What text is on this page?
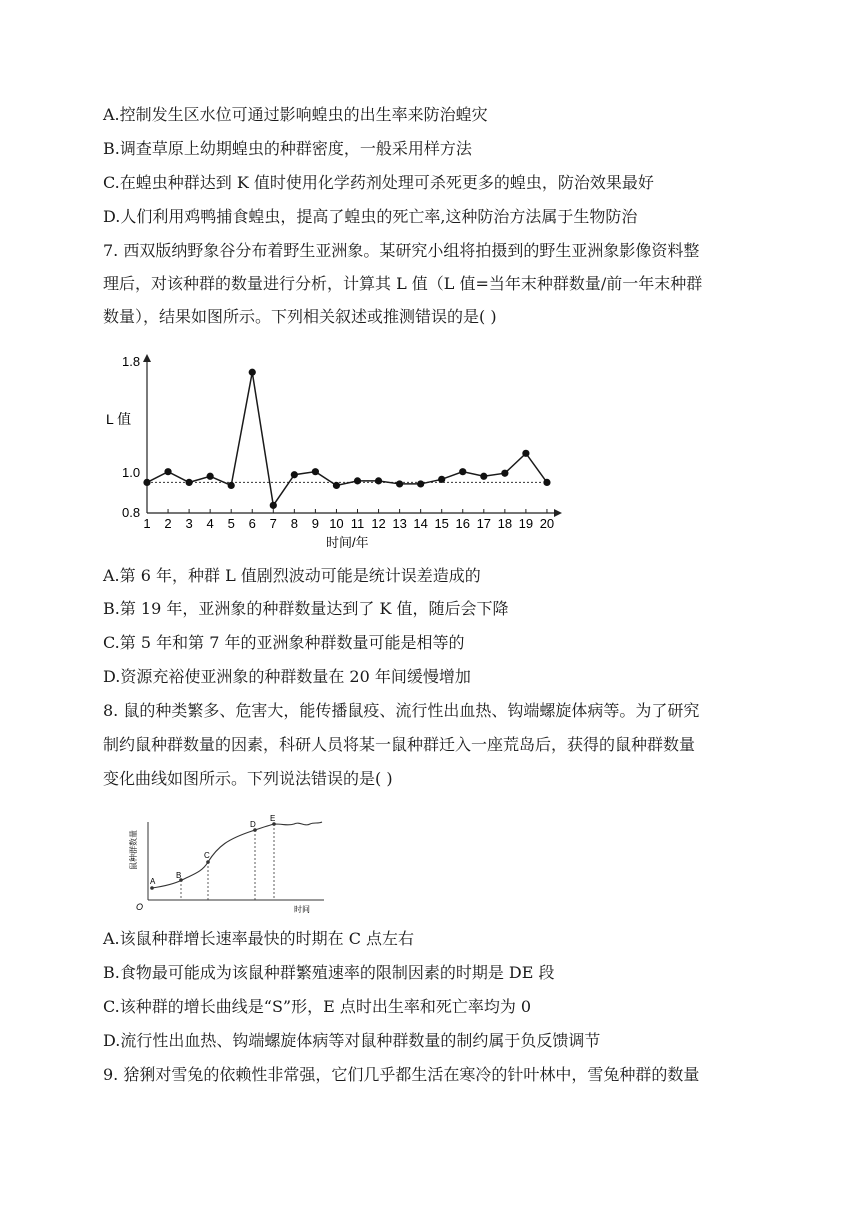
A.控制发生区水位可通过影响蝗虫的出生率来防治蝗灾
B.调查草原上幼期蝗虫的种群密度，一般采用样方法
C.在蝗虫种群达到 K 值时使用化学药剂处理可杀死更多的蝗虫，防治效果最好
D.人们利用鸡鸭捕食蝗虫，提高了蝗虫的死亡率,这种防治方法属于生物防治
7. 西双版纳野象谷分布着野生亚洲象。某研究小组将拍摄到的野生亚洲象影像资料整
理后，对该种群的数量进行分析，计算其 L 值（L 值=当年末种群数量/前一年末种群
数量），结果如图所示。下列相关叙述或推测错误的是( )
1.8
1.0
0.8
L 值
时间/年
1 2 3 4 5 6 7 8 9 10 11 12 13 14 15 16 17 18 19 20
A.第 6 年，种群 L 值剧烈波动可能是统计误差造成的
B.第 19 年，亚洲象的种群数量达到了 K 值，随后会下降
C.第 5 年和第 7 年的亚洲象种群数量可能是相等的
D.资源充裕使亚洲象的种群数量在 20 年间缓慢增加
8. 鼠的种类繁多、危害大，能传播鼠疫、流行性出血热、钩端螺旋体病等。为了研究
制约鼠种群数量的因素，科研人员将某一鼠种群迁入一座荒岛后，获得的鼠种群数量
变化曲线如图所示。下列说法错误的是( )
O	时间
鼠种群数量
A
B
C
D
E
A.该鼠种群增长速率最快的时期在 C 点左右
B.食物最可能成为该鼠种群繁殖速率的限制因素的时期是 DE 段
C.该种群的增长曲线是“S”形，E 点时出生率和死亡率均为 0
D.流行性出血热、钩端螺旋体病等对鼠种群数量的制约属于负反馈调节
9. 猞猁对雪兔的依赖性非常强，它们几乎都生活在寒冷的针叶林中，雪兔种群的数量
